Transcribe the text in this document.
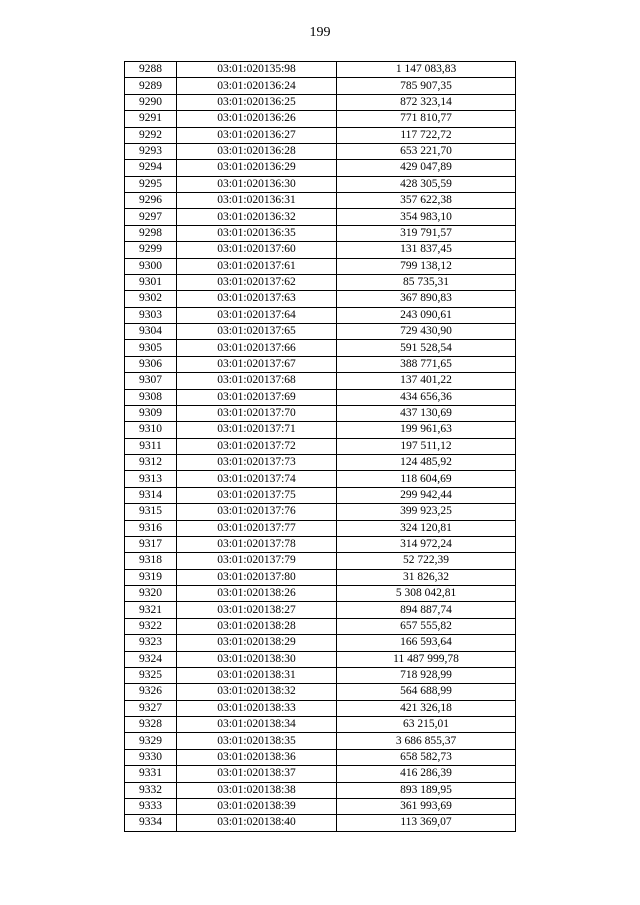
199
9288	03:01:020135:98	1 147 083,83
9289	03:01:020136:24	785 907,35
9290	03:01:020136:25	872 323,14
9291	03:01:020136:26	771 810,77
9292	03:01:020136:27	117 722,72
9293	03:01:020136:28	653 221,70
9294	03:01:020136:29	429 047,89
9295	03:01:020136:30	428 305,59
9296	03:01:020136:31	357 622,38
9297	03:01:020136:32	354 983,10
9298	03:01:020136:35	319 791,57
9299	03:01:020137:60	131 837,45
9300	03:01:020137:61	799 138,12
9301	03:01:020137:62	85 735,31
9302	03:01:020137:63	367 890,83
9303	03:01:020137:64	243 090,61
9304	03:01:020137:65	729 430,90
9305	03:01:020137:66	591 528,54
9306	03:01:020137:67	388 771,65
9307	03:01:020137:68	137 401,22
9308	03:01:020137:69	434 656,36
9309	03:01:020137:70	437 130,69
9310	03:01:020137:71	199 961,63
9311	03:01:020137:72	197 511,12
9312	03:01:020137:73	124 485,92
9313	03:01:020137:74	118 604,69
9314	03:01:020137:75	299 942,44
9315	03:01:020137:76	399 923,25
9316	03:01:020137:77	324 120,81
9317	03:01:020137:78	314 972,24
9318	03:01:020137:79	52 722,39
9319	03:01:020137:80	31 826,32
9320	03:01:020138:26	5 308 042,81
9321	03:01:020138:27	894 887,74
9322	03:01:020138:28	657 555,82
9323	03:01:020138:29	166 593,64
9324	03:01:020138:30	11 487 999,78
9325	03:01:020138:31	718 928,99
9326	03:01:020138:32	564 688,99
9327	03:01:020138:33	421 326,18
9328	03:01:020138:34	63 215,01
9329	03:01:020138:35	3 686 855,37
9330	03:01:020138:36	658 582,73
9331	03:01:020138:37	416 286,39
9332	03:01:020138:38	893 189,95
9333	03:01:020138:39	361 993,69
9334	03:01:020138:40	113 369,07
